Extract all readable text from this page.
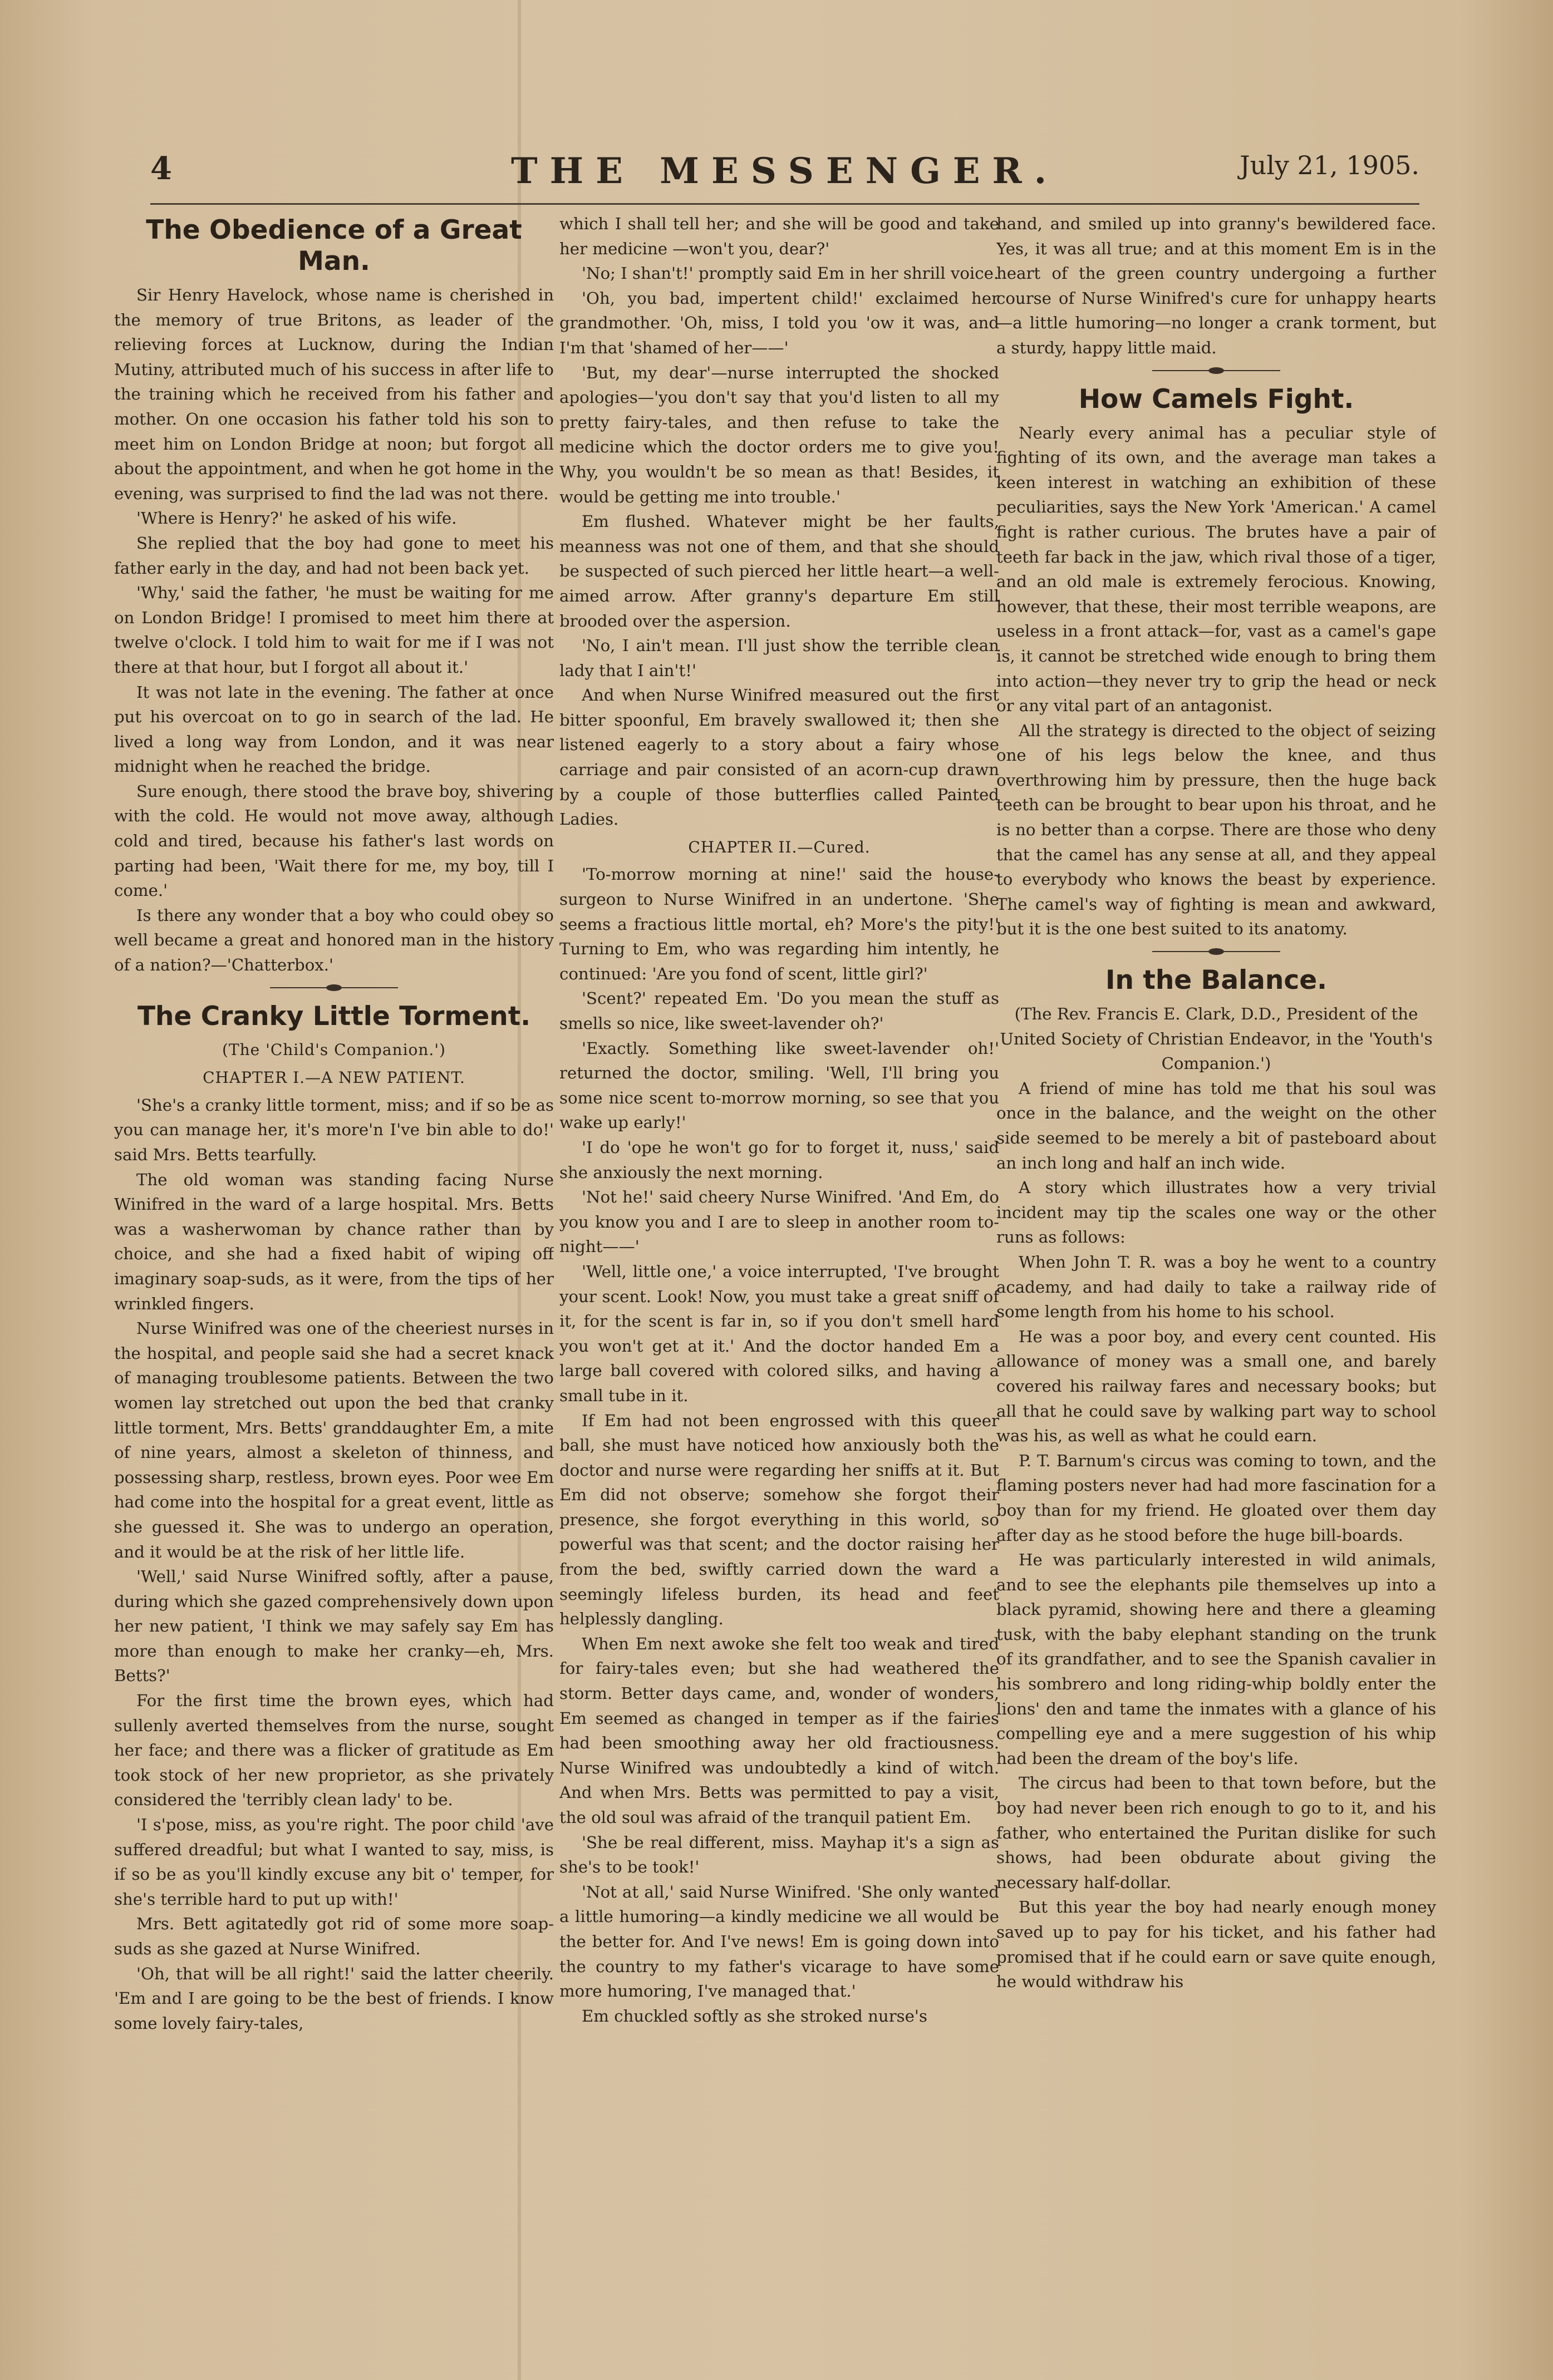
4	THE MESSENGER.	July 21, 1905.
The Obedience of a Great Man.

Sir Henry Havelock, whose name is cherished in the memory of true Britons, as leader of the relieving forces at Lucknow, during the Indian Mutiny, attributed much of his success in after life to the training which he received from his father and mother. On one occasion his father told his son to meet him on London Bridge at noon; but forgot all about the appointment, and when he got home in the evening, was surprised to find the lad was not there.

'Where is Henry?' he asked of his wife.

She replied that the boy had gone to meet his father early in the day, and had not been back yet.

'Why,' said the father, 'he must be waiting for me on London Bridge! I promised to meet him there at twelve o'clock. I told him to wait for me if I was not there at that hour, but I forgot all about it.'

It was not late in the evening. The father at once put his overcoat on to go in search of the lad. He lived a long way from London, and it was near midnight when he reached the bridge.

Sure enough, there stood the brave boy, shivering with the cold. He would not move away, although cold and tired, because his father's last words on parting had been, 'Wait there for me, my boy, till I come.'

Is there any wonder that a boy who could obey so well became a great and honored man in the history of a nation?—'Chatterbox.'

The Cranky Little Torment.
(The 'Child's Companion.')
CHAPTER I.—A NEW PATIENT.

'She's a cranky little torment, miss; and if so be as you can manage her, it's more'n I've bin able to do!' said Mrs. Betts tearfully.

The old woman was standing facing Nurse Winifred in the ward of a large hospital. Mrs. Betts was a washerwoman by chance rather than by choice, and she had a fixed habit of wiping off imaginary soap-suds, as it were, from the tips of her wrinkled fingers.

Nurse Winifred was one of the cheeriest nurses in the hospital, and people said she had a secret knack of managing troublesome patients. Between the two women lay stretched out upon the bed that cranky little torment, Mrs. Betts' granddaughter Em, a mite of nine years, almost a skeleton of thinness, and possessing sharp, restless, brown eyes. Poor wee Em had come into the hospital for a great event, little as she guessed it. She was to undergo an operation, and it would be at the risk of her little life.

'Well,' said Nurse Winifred softly, after a pause, during which she gazed comprehensively down upon her new patient, 'I think we may safely say Em has more than enough to make her cranky—eh, Mrs. Betts?'

For the first time the brown eyes, which had sullenly averted themselves from the nurse, sought her face; and there was a flicker of gratitude as Em took stock of her new proprietor, as she privately considered the 'terribly clean lady' to be.

'I s'pose, miss, as you're right. The poor child 'ave suffered dreadful; but what I wanted to say, miss, is if so be as you'll kindly excuse any bit o' temper, for she's terrible hard to put up with!'

Mrs. Bett agitatedly got rid of some more soap-suds as she gazed at Nurse Winifred.

'Oh, that will be all right!' said the latter cheerily. 'Em and I are going to be the best of friends. I know some lovely fairy-tales,

which I shall tell her; and she will be good and take her medicine —won't you, dear?'

'No; I shan't!' promptly said Em in her shrill voice.

'Oh, you bad, impertent child!' exclaimed her grandmother. 'Oh, miss, I told you 'ow it was, and I'm that 'shamed of her——'

'But, my dear'—nurse interrupted the shocked apologies—'you don't say that you'd listen to all my pretty fairy-tales, and then refuse to take the medicine which the doctor orders me to give you! Why, you wouldn't be so mean as that! Besides, it would be getting me into trouble.'

Em flushed. Whatever might be her faults, meanness was not one of them, and that she should be suspected of such pierced her little heart—a well-aimed arrow. After granny's departure Em still brooded over the aspersion.

'No, I ain't mean. I'll just show the terrible clean lady that I ain't!'

And when Nurse Winifred measured out the first bitter spoonful, Em bravely swallowed it; then she listened eagerly to a story about a fairy whose carriage and pair consisted of an acorn-cup drawn by a couple of those butterflies called Painted Ladies.

CHAPTER II.—Cured.

'To-morrow morning at nine!' said the house-surgeon to Nurse Winifred in an undertone. 'She seems a fractious little mortal, eh? More's the pity!' Turning to Em, who was regarding him intently, he continued: 'Are you fond of scent, little girl?'

'Scent?' repeated Em. 'Do you mean the stuff as smells so nice, like sweet-lavender oh?'

'Exactly. Something like sweet-lavender oh!' returned the doctor, smiling. 'Well, I'll bring you some nice scent to-morrow morning, so see that you wake up early!'

'I do 'ope he won't go for to forget it, nuss,' said she anxiously the next morning.

'Not he!' said cheery Nurse Winifred. 'And Em, do you know you and I are to sleep in another room to-night——'

'Well, little one,' a voice interrupted, 'I've brought your scent. Look! Now, you must take a great sniff of it, for the scent is far in, so if you don't smell hard you won't get at it.' And the doctor handed Em a large ball covered with colored silks, and having a small tube in it.

If Em had not been engrossed with this queer ball, she must have noticed how anxiously both the doctor and nurse were regarding her sniffs at it. But Em did not observe; somehow she forgot their presence, she forgot everything in this world, so powerful was that scent; and the doctor raising her from the bed, swiftly carried down the ward a seemingly lifeless burden, its head and feet helplessly dangling.

When Em next awoke she felt too weak and tired for fairy-tales even; but she had weathered the storm. Better days came, and, wonder of wonders, Em seemed as changed in temper as if the fairies had been smoothing away her old fractiousness. Nurse Winifred was undoubtedly a kind of witch. And when Mrs. Betts was permitted to pay a visit, the old soul was afraid of the tranquil patient Em.

'She be real different, miss. Mayhap it's a sign as she's to be took!'

'Not at all,' said Nurse Winifred. 'She only wanted a little humoring—a kindly medicine we all would be the better for. And I've news! Em is going down into the country to my father's vicarage to have some more humoring, I've managed that.'

Em chuckled softly as she stroked nurse's

hand, and smiled up into granny's bewildered face. Yes, it was all true; and at this moment Em is in the heart of the green country undergoing a further course of Nurse Winifred's cure for unhappy hearts—a little humoring—no longer a crank torment, but a sturdy, happy little maid.

How Camels Fight.

Nearly every animal has a peculiar style of fighting of its own, and the average man takes a keen interest in watching an exhibition of these peculiarities, says the New York 'American.' A camel fight is rather curious. The brutes have a pair of teeth far back in the jaw, which rival those of a tiger, and an old male is extremely ferocious. Knowing, however, that these, their most terrible weapons, are useless in a front attack—for, vast as a camel's gape is, it cannot be stretched wide enough to bring them into action—they never try to grip the head or neck or any vital part of an antagonist.

All the strategy is directed to the object of seizing one of his legs below the knee, and thus overthrowing him by pressure, then the huge back teeth can be brought to bear upon his throat, and he is no better than a corpse. There are those who deny that the camel has any sense at all, and they appeal to everybody who knows the beast by experience. The camel's way of fighting is mean and awkward, but it is the one best suited to its anatomy.

In the Balance.

(The Rev. Francis E. Clark, D.D., President of the United Society of Christian Endeavor, in the 'Youth's Companion.')

A friend of mine has told me that his soul was once in the balance, and the weight on the other side seemed to be merely a bit of pasteboard about an inch long and half an inch wide.

A story which illustrates how a very trivial incident may tip the scales one way or the other runs as follows:

When John T. R. was a boy he went to a country academy, and had daily to take a railway ride of some length from his home to his school.

He was a poor boy, and every cent counted. His allowance of money was a small one, and barely covered his railway fares and necessary books; but all that he could save by walking part way to school was his, as well as what he could earn.

P. T. Barnum's circus was coming to town, and the flaming posters never had had more fascination for a boy than for my friend. He gloated over them day after day as he stood before the huge bill-boards.

He was particularly interested in wild animals, and to see the elephants pile themselves up into a black pyramid, showing here and there a gleaming tusk, with the baby elephant standing on the trunk of its grandfather, and to see the Spanish cavalier in his sombrero and long riding-whip boldly enter the lions' den and tame the inmates with a glance of his compelling eye and a mere suggestion of his whip had been the dream of the boy's life.

The circus had been to that town before, but the boy had never been rich enough to go to it, and his father, who entertained the Puritan dislike for such shows, had been obdurate about giving the necessary half-dollar.

But this year the boy had nearly enough money saved up to pay for his ticket, and his father had promised that if he could earn or save quite enough, he would withdraw his
